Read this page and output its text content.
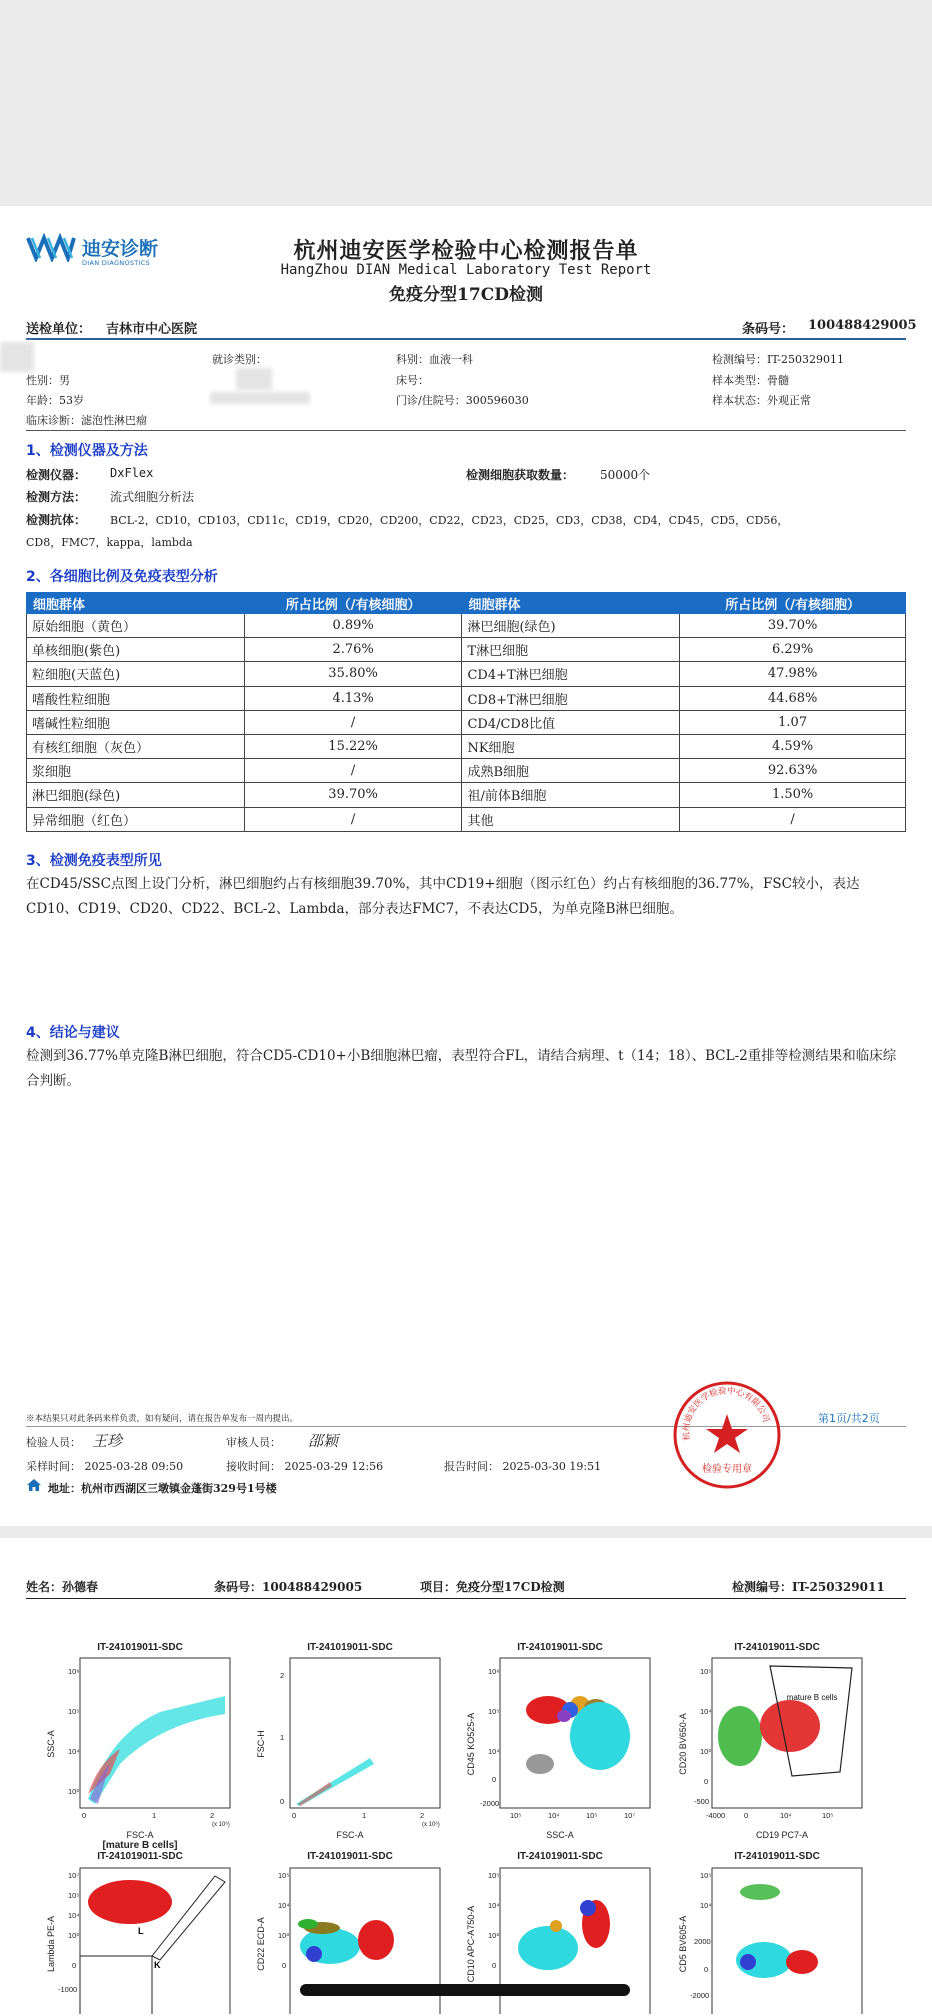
迪安诊断
DIAN DIAGNOSTICS	杭州迪安医学检验中心检测报告单
HangZhou DIAN Medical Laboratory Test Report
免疫分型17CD检测
送检单位： 吉林市中心医院	条码号： 100488429005
就诊类别：	科别：血液一科	检测编号：IT-250329011
性别：男	床号：	样本类型：骨髓
年龄：53岁	门诊/住院号：300596030	样本状态：外观正常
临床诊断：滤泡性淋巴瘤
1、检测仪器及方法
检测仪器： DxFlex	检测细胞获取数量： 50000个
检测方法： 流式细胞分析法
检测抗体： BCL-2，CD10，CD103，CD11c，CD19，CD20，CD200，CD22，CD23，CD25，CD3，CD38，CD4，CD45，CD5，CD56，
CD8，FMC7，kappa，lambda
2、各细胞比例及免疫表型分析
细胞群体	所占比例（/有核细胞）	细胞群体	所占比例（/有核细胞）
原始细胞（黄色）	0.89%	淋巴细胞(绿色)	39.70%
单核细胞(紫色)	2.76%	T淋巴细胞	6.29%
粒细胞(天蓝色)	35.80%	CD4+T淋巴细胞	47.98%
嗜酸性粒细胞	4.13%	CD8+T淋巴细胞	44.68%
嗜碱性粒细胞	/	CD4/CD8比值	1.07
有核红细胞（灰色）	15.22%	NK细胞	4.59%
浆细胞	/	成熟B细胞	92.63%
淋巴细胞(绿色)	39.70%	祖/前体B细胞	1.50%
异常细胞（红色）	/	其他	/
3、检测免疫表型所见
在CD45/SSC点图上设门分析，淋巴细胞约占有核细胞39.70%，其中CD19+细胞（图示红色）约占有核细胞的36.77%，FSC较小，表达CD10、CD19、CD20、CD22、BCL-2、Lambda，部分表达FMC7，不表达CD5，为单克隆B淋巴细胞。
4、结论与建议
检测到36.77%单克隆B淋巴细胞，符合CD5-CD10+小B细胞淋巴瘤，表型符合FL，请结合病理、t（14；18）、BCL-2重排等检测结果和临床综合判断。
※本结果只对此条码来样负责，如有疑问，请在报告单发布一周内提出。	第1页/共2页
检验人员： 王珍	审核人员： 邵颖
采样时间： 2025-03-28 09:50	接收时间： 2025-03-29 12:56	报告时间： 2025-03-30 19:51
地址：杭州市西湖区三墩镇金蓬街329号1号楼
杭州迪安医学检验中心有限公司
检验专用章
姓名：孙德春	条码号：100488429005	项目：免疫分型17CD检测	检测编号：IT-250329011
IT-241019011-SDC
10⁶
10⁵
10⁴
10³
0	1	2
(x 10⁶)
FSC-A
SSC-A
IT-241019011-SDC
2
1
0
0	1	2
(x 10⁶)
FSC-A
FSC-H
IT-241019011-SDC
10⁶
10⁵
10⁴
0
-2000
10⁵	10⁴	10⁵	10⁷
SSC-A
CD45 KO525-A
IT-241019011-SDC
10⁵
10⁴
10³
0
-500
-4000	0	10⁴	10⁵
CD19 PC7-A
CD20 BV650-A
mature B cells
[mature B cells]
IT-241019011-SDC
10⁷
10⁵
10⁴
10³
0
-1000
Lambda PE-A	L
K
IT-241019011-SDC
10⁵
10⁴
10³
0
CD22 ECD-A
IT-241019011-SDC
10⁵
10⁴
10³
0
CD10 APC-A750-A
IT-241019011-SDC
10⁵
10⁴
2000
0
-2000
CD5 BV605-A
